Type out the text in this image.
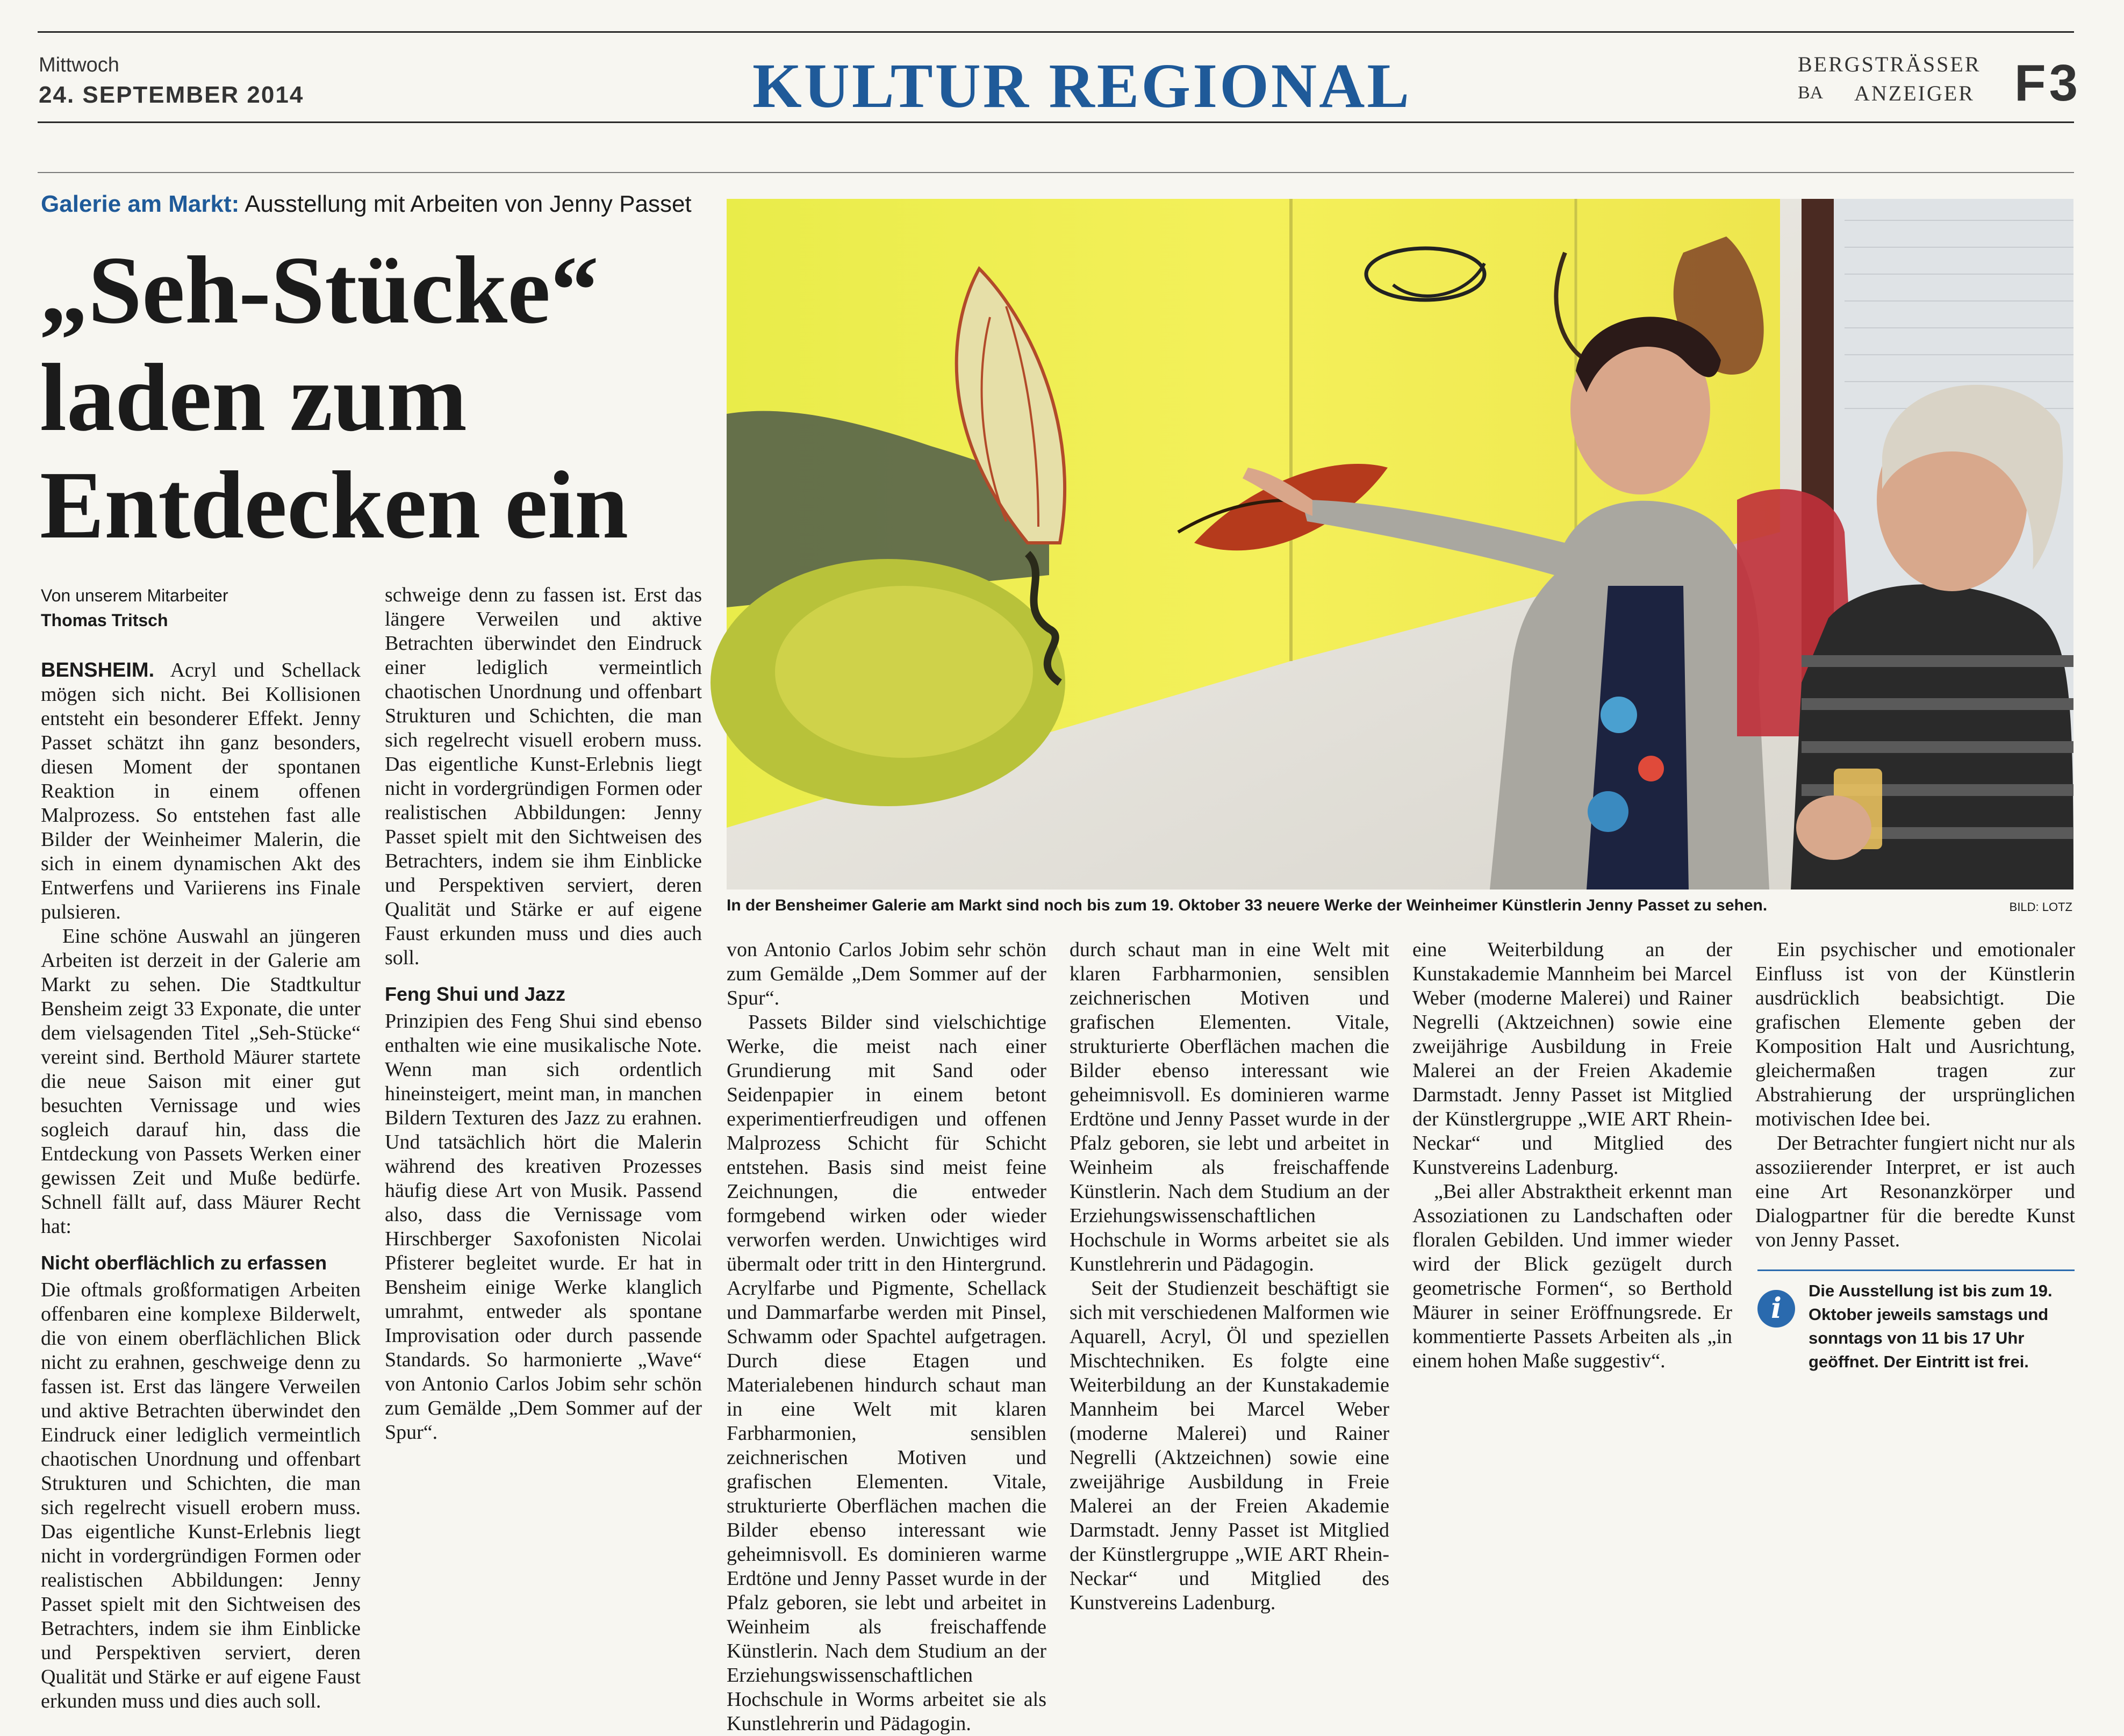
Mittwoch
24. SEPTEMBER 2014	KULTUR REGIONAL	BERGSTRÄSSER
BA ANZEIGER F3
Galerie am Markt: Ausstellung mit Arbeiten von Jenny Passet
„Seh-Stücke“
laden zum
Entdecken ein
Von unserem Mitarbeiter
Thomas Tritsch

BENSHEIM. Acryl und Schellack mögen sich nicht. Bei Kollisionen entsteht ein besonderer Effekt. Jenny Passet schätzt ihn ganz besonders, diesen Moment der spontanen Reaktion in einem offenen Malprozess. So entstehen fast alle Bilder der Weinheimer Malerin, die sich in einem dynamischen Akt des Entwerfens und Variierens ins Finale pulsieren.

Eine schöne Auswahl an jüngeren Arbeiten ist derzeit in der Galerie am Markt zu sehen. Die Stadtkultur Bensheim zeigt 33 Exponate, die unter dem vielsagenden Titel „Seh-Stücke“ vereint sind. Berthold Mäurer startete die neue Saison mit einer gut besuchten Vernissage und wies sogleich darauf hin, dass die Entdeckung von Passets Werken einer gewissen Zeit und Muße bedürfe. Schnell fällt auf, dass Mäurer Recht hat:

Nicht oberflächlich zu erfassen

Die oftmals großformatigen Arbeiten offenbaren eine komplexe Bilderwelt, die von einem oberflächlichen Blick nicht zu erahnen, geschweige denn zu fassen ist. Erst das längere Verweilen und aktive Betrachten überwindet den Eindruck einer lediglich vermeintlich chaotischen Unordnung und offenbart Strukturen und Schichten, die man sich regelrecht visuell erobern muss. Das eigentliche Kunst-Erlebnis liegt nicht in vordergründigen Formen oder realistischen Abbildungen: Jenny Passet spielt mit den Sichtweisen des Betrachters, indem sie ihm Einblicke und Perspektiven serviert, deren Qualität und Stärke er auf eigene Faust erkunden muss und dies auch soll.

schweige denn zu fassen ist. Erst das längere Verweilen und aktive Betrachten überwindet den Eindruck einer lediglich vermeintlich chaotischen Unordnung und offenbart Strukturen und Schichten, die man sich regelrecht visuell erobern muss. Das eigentliche Kunst-Erlebnis liegt nicht in vordergründigen Formen oder realistischen Abbildungen: Jenny Passet spielt mit den Sichtweisen des Betrachters, indem sie ihm Einblicke und Perspektiven serviert, deren Qualität und Stärke er auf eigene Faust erkunden muss und dies auch soll.

Feng Shui und Jazz

Prinzipien des Feng Shui sind ebenso enthalten wie eine musikalische Note. Wenn man sich ordentlich hineinsteigert, meint man, in manchen Bildern Texturen des Jazz zu erahnen. Und tatsächlich hört die Malerin während des kreativen Prozesses häufig diese Art von Musik. Passend also, dass die Vernissage vom Hirschberger Saxofonisten Nicolai Pfisterer begleitet wurde. Er hat in Bensheim einige Werke klanglich umrahmt, entweder als spontane Improvisation oder durch passende Standards. So harmonierte „Wave“ von Antonio Carlos Jobim sehr schön zum Gemälde „Dem Sommer auf der Spur“.

In der Bensheimer Galerie am Markt sind noch bis zum 19. Oktober 33 neuere Werke der Weinheimer Künstlerin Jenny Passet zu sehen.	BILD: LOTZ

von Antonio Carlos Jobim sehr schön zum Gemälde „Dem Sommer auf der Spur“.

Passets Bilder sind vielschichtige Werke, die meist nach einer Grundierung mit Sand oder Seidenpapier in einem betont experimentierfreudigen und offenen Malprozess Schicht für Schicht entstehen. Basis sind meist feine Zeichnungen, die entweder formgebend wirken oder wieder verworfen werden. Unwichtiges wird übermalt oder tritt in den Hintergrund. Acrylfarbe und Pigmente, Schellack und Dammarfarbe werden mit Pinsel, Schwamm oder Spachtel aufgetragen. Durch diese Etagen und Materialebenen hindurch schaut man in eine Welt mit klaren Farbharmonien, sensiblen zeichnerischen Motiven und grafischen Elementen. Vitale, strukturierte Oberflächen machen die Bilder ebenso interessant wie geheimnisvoll. Es dominieren warme Erdtöne und Jenny Passet wurde in der Pfalz geboren, sie lebt und arbeitet in Weinheim als freischaffende Künstlerin. Nach dem Studium an der Erziehungswissenschaftlichen Hochschule in Worms arbeitet sie als Kunstlehrerin und Pädagogin.

durch schaut man in eine Welt mit klaren Farbharmonien, sensiblen zeichnerischen Motiven und grafischen Elementen. Vitale, strukturierte Oberflächen machen die Bilder ebenso interessant wie geheimnisvoll. Es dominieren warme Erdtöne und Jenny Passet wurde in der Pfalz geboren, sie lebt und arbeitet in Weinheim als freischaffende Künstlerin. Nach dem Studium an der Erziehungswissenschaftlichen Hochschule in Worms arbeitet sie als Kunstlehrerin und Pädagogin.

Seit der Studienzeit beschäftigt sie sich mit verschiedenen Malformen wie Aquarell, Acryl, Öl und speziellen Mischtechniken. Es folgte eine Weiterbildung an der Kunstakademie Mannheim bei Marcel Weber (moderne Malerei) und Rainer Negrelli (Aktzeichnen) sowie eine zweijährige Ausbildung in Freie Malerei an der Freien Akademie Darmstadt. Jenny Passet ist Mitglied der Künstlergruppe „WIE ART Rhein-Neckar“ und Mitglied des Kunstvereins Ladenburg.

eine Weiterbildung an der Kunstakademie Mannheim bei Marcel Weber (moderne Malerei) und Rainer Negrelli (Aktzeichnen) sowie eine zweijährige Ausbildung in Freie Malerei an der Freien Akademie Darmstadt. Jenny Passet ist Mitglied der Künstlergruppe „WIE ART Rhein-Neckar“ und Mitglied des Kunstvereins Ladenburg.

„Bei aller Abstraktheit erkennt man Assoziationen zu Landschaften oder floralen Gebilden. Und immer wieder wird der Blick gezügelt durch geometrische Formen“, so Berthold Mäurer in seiner Eröffnungsrede. Er kommentierte Passets Arbeiten als „in einem hohen Maße suggestiv“.

Ein psychischer und emotionaler Einfluss ist von der Künstlerin ausdrücklich beabsichtigt. Die grafischen Elemente geben der Komposition Halt und Ausrichtung, gleichermaßen tragen zur Abstrahierung der ursprünglichen motivischen Idee bei.

Der Betrachter fungiert nicht nur als assoziierender Interpret, er ist auch eine Art Resonanzkörper und Dialogpartner für die beredte Kunst von Jenny Passet.

i
Die Ausstellung ist bis zum 19. Oktober jeweils samstags und sonntags von 11 bis 17 Uhr geöffnet. Der Eintritt ist frei.
